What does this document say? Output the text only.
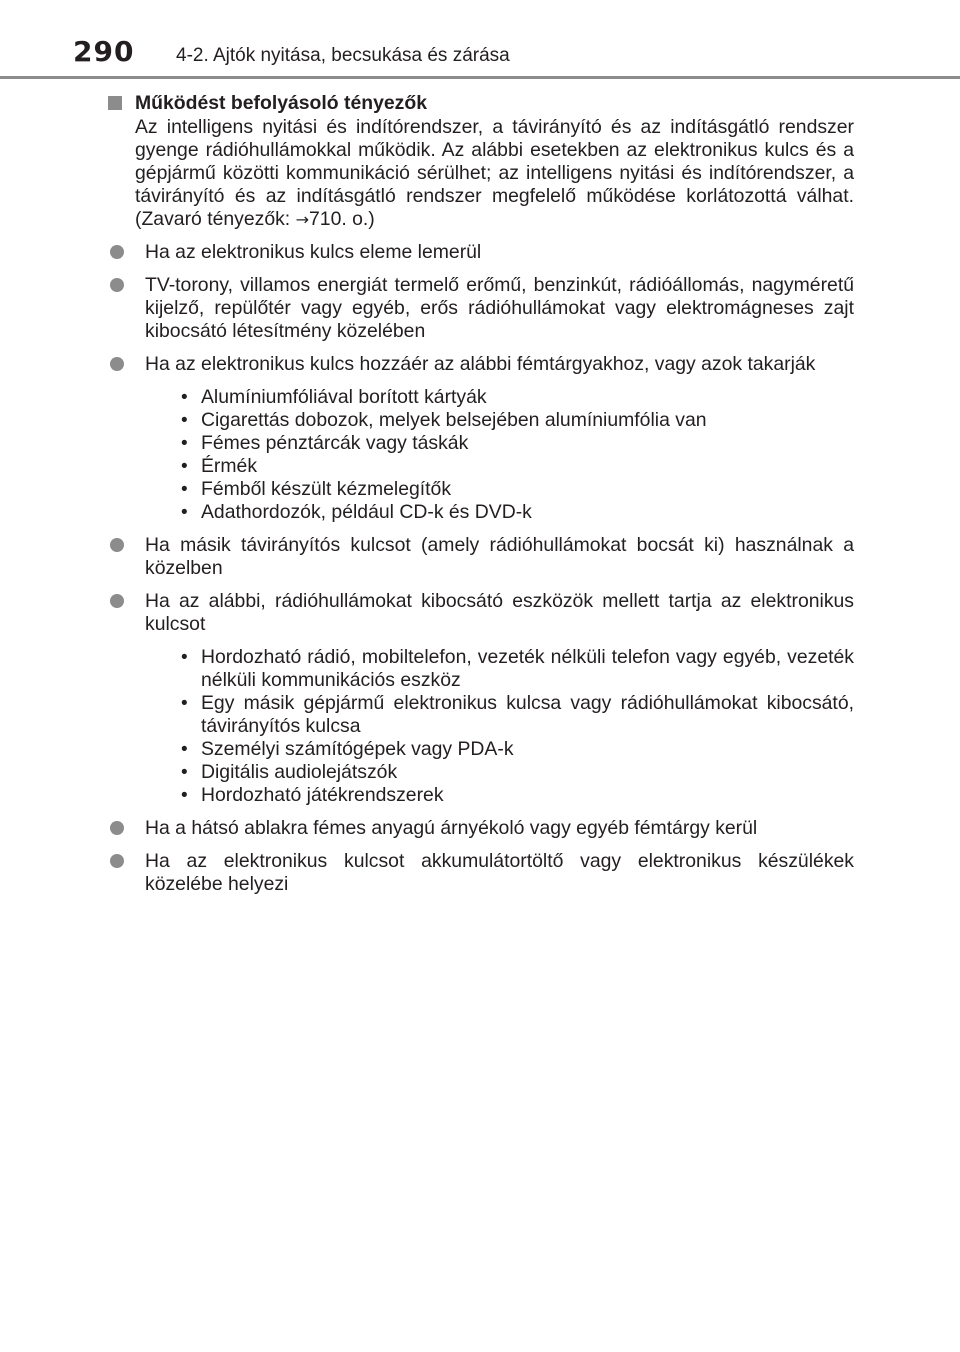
290 4-2. Ajtók nyitása, becsukása és zárása
Működést befolyásoló tényezők

Az intelligens nyitási és indítórendszer, a távirányító és az indításgátló rendszer gyenge rádióhullámokkal működik. Az alábbi esetekben az elektronikus kulcs és a gépjármű közötti kommunikáció sérülhet; az intelligens nyitási és indítórendszer, a távirányító és az indításgátló rendszer megfelelő működése korlátozottá válhat. (Zavaró tényezők: →710. o.)

Ha az elektronikus kulcs eleme lemerül
TV-torony, villamos energiát termelő erőmű, benzinkút, rádióállomás, nagyméretű kijelző, repülőtér vagy egyéb, erős rádióhullámokat vagy elektromágneses zajt kibocsátó létesítmény közelében
Ha az elektronikus kulcs hozzáér az alábbi fémtárgyakhoz, vagy azok takarják
• Alumíniumfóliával borított kártyák
• Cigarettás dobozok, melyek belsejében alumíniumfólia van
• Fémes pénztárcák vagy táskák
• Érmék
• Fémből készült kézmelegítők
• Adathordozók, például CD-k és DVD-k
Ha másik távirányítós kulcsot (amely rádióhullámokat bocsát ki) használnak a közelben
Ha az alábbi, rádióhullámokat kibocsátó eszközök mellett tartja az elektronikus kulcsot
• Hordozható rádió, mobiltelefon, vezeték nélküli telefon vagy egyéb, vezeték nélküli kommunikációs eszköz
• Egy másik gépjármű elektronikus kulcsa vagy rádióhullámokat kibocsátó, távirányítós kulcsa
• Személyi számítógépek vagy PDA-k
• Digitális audiolejátszók
• Hordozható játékrendszerek
Ha a hátsó ablakra fémes anyagú árnyékoló vagy egyéb fémtárgy kerül
Ha az elektronikus kulcsot akkumulátortöltő vagy elektronikus készülékek közelébe helyezi
